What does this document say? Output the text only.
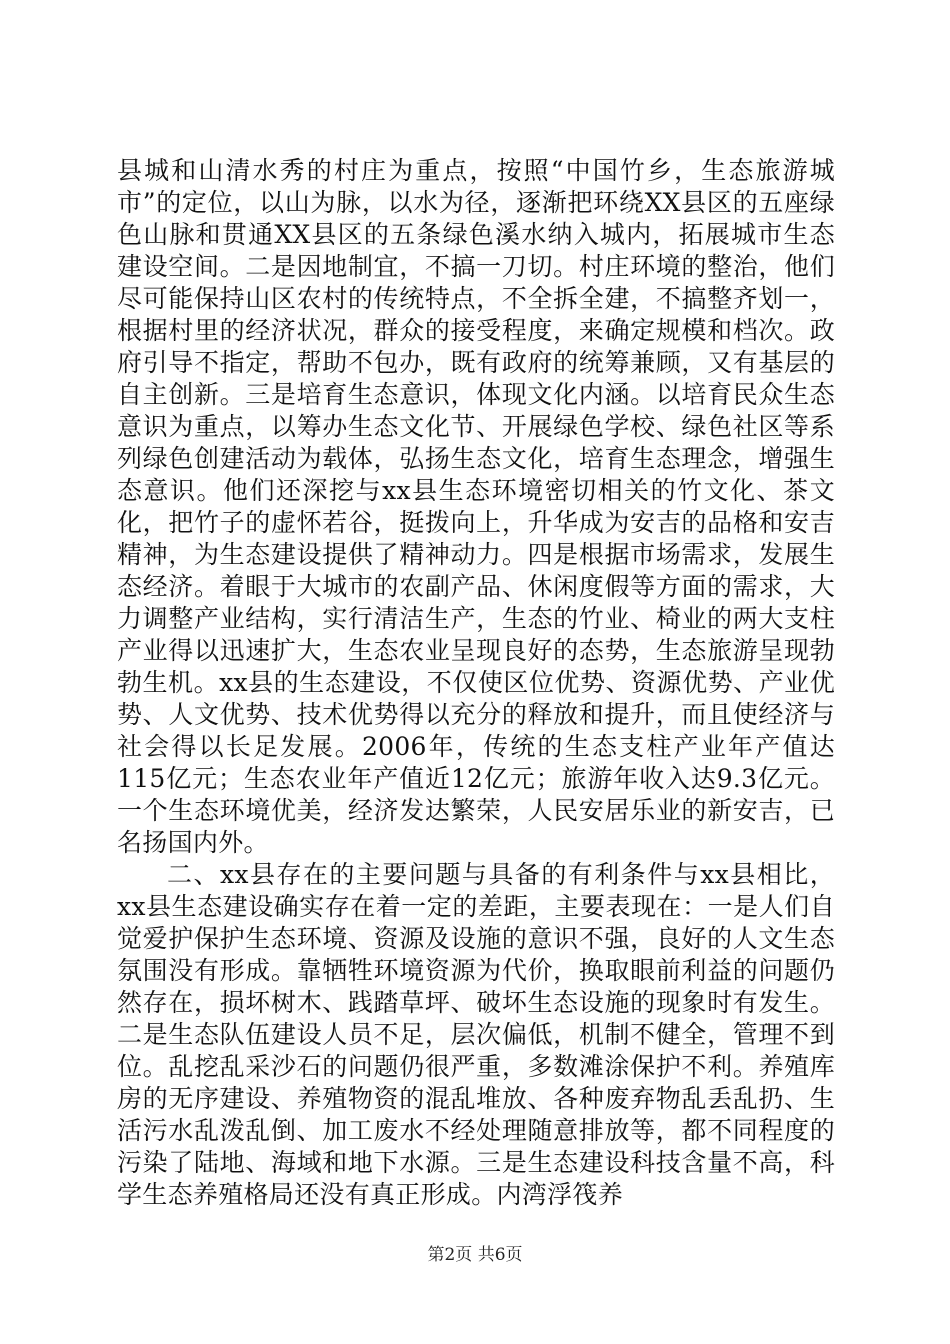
县城和山清水秀的村庄为重点，按照“中国竹乡，生态旅游城市”的定位，以山为脉，以水为径，逐渐把环绕XX县区的五座绿色山脉和贯通XX县区的五条绿色溪水纳入城内，拓展城市生态建设空间。二是因地制宜，不搞一刀切。村庄环境的整治，他们尽可能保持山区农村的传统特点，不全拆全建，不搞整齐划一，根据村里的经济状况，群众的接受程度，来确定规模和档次。政府引导不指定，帮助不包办，既有政府的统筹兼顾，又有基层的自主创新。三是培育生态意识，体现文化内涵。以培育民众生态意识为重点，以筹办生态文化节、开展绿色学校、绿色社区等系列绿色创建活动为载体，弘扬生态文化，培育生态理念，增强生态意识。他们还深挖与xx县生态环境密切相关的竹文化、茶文化，把竹子的虚怀若谷，挺拨向上，升华成为安吉的品格和安吉精神，为生态建设提供了精神动力。四是根据市场需求，发展生态经济。着眼于大城市的农副产品、休闲度假等方面的需求，大力调整产业结构，实行清洁生产，生态的竹业、椅业的两大支柱产业得以迅速扩大，生态农业呈现良好的态势，生态旅游呈现勃勃生机。xx县的生态建设，不仅使区位优势、资源优势、产业优势、人文优势、技术优势得以充分的释放和提升，而且使经济与社会得以长足发展。2006年，传统的生态支柱产业年产值达115亿元；生态农业年产值近12亿元；旅游年收入达9.3亿元。一个生态环境优美，经济发达繁荣，人民安居乐业的新安吉，已名扬国内外。

二、xx县存在的主要问题与具备的有利条件与xx县相比，xx县生态建设确实存在着一定的差距，主要表现在：一是人们自觉爱护保护生态环境、资源及设施的意识不强，良好的人文生态氛围没有形成。靠牺牲环境资源为代价，换取眼前利益的问题仍然存在，损坏树木、践踏草坪、破坏生态设施的现象时有发生。二是生态队伍建设人员不足，层次偏低，机制不健全，管理不到位。乱挖乱采沙石的问题仍很严重，多数滩涂保护不利。养殖库房的无序建设、养殖物资的混乱堆放、各种废弃物乱丢乱扔、生活污水乱泼乱倒、加工废水不经处理随意排放等，都不同程度的污染了陆地、海域和地下水源。三是生态建设科技含量不高，科学生态养殖格局还没有真正形成。内湾浮筏养

第2页 共6页
